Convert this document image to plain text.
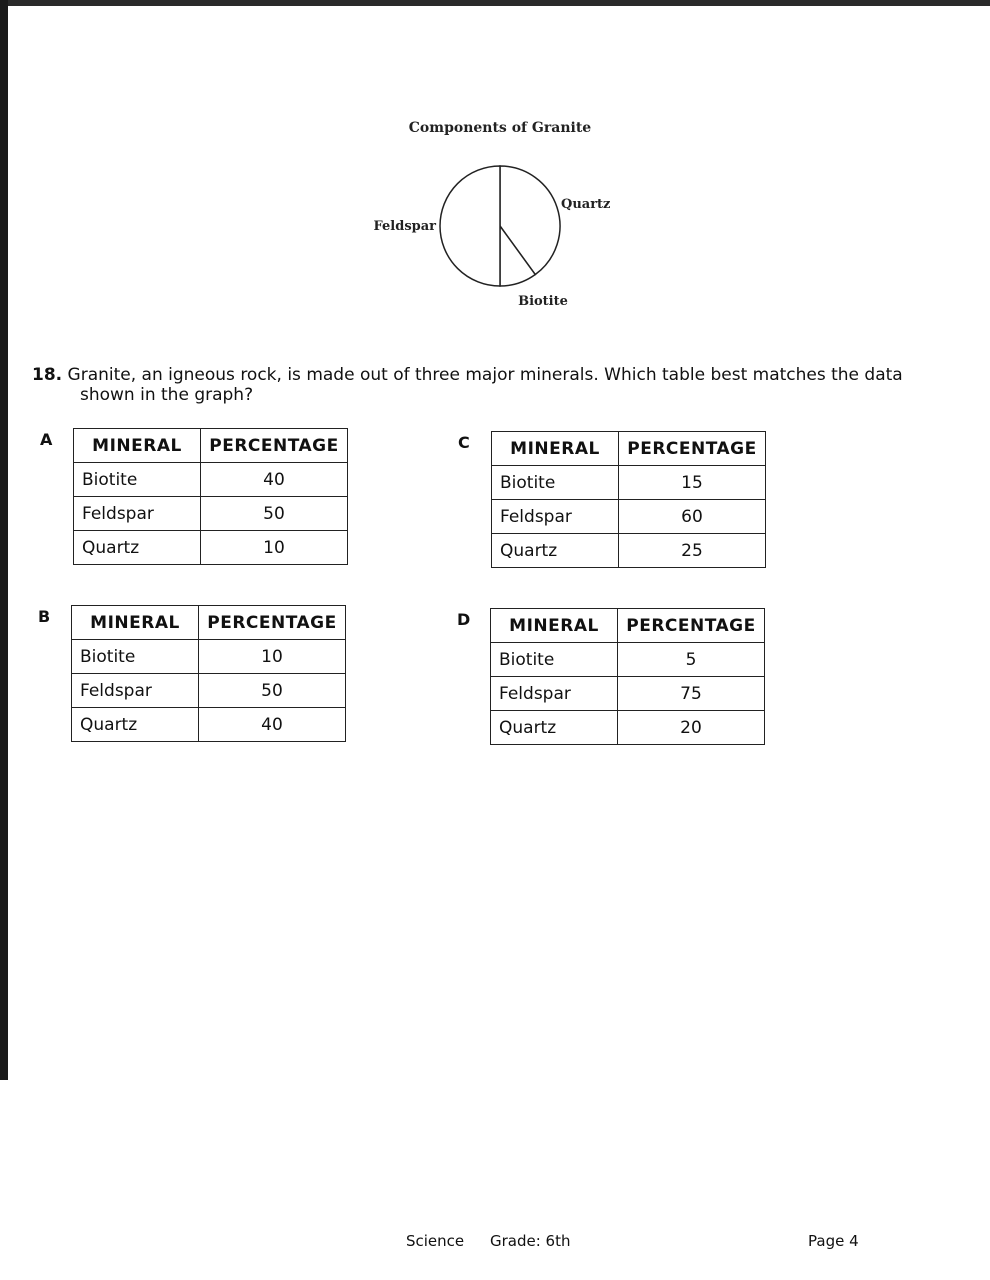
Components of Granite
Quartz
Biotite
Feldspar
18. Granite, an igneous rock, is made out of three major minerals. Which table best matches the data
shown in the graph?
A MINERAL	PERCENTAGE
Biotite	40
Feldspar	50
Quartz	10
B MINERAL	PERCENTAGE
Biotite	10
Feldspar	50
Quartz	40
C MINERAL	PERCENTAGE
Biotite	15
Feldspar	60
Quartz	25
D MINERAL	PERCENTAGE
Biotite	5
Feldspar	75
Quartz	20
Science Grade: 6th	Page 4
